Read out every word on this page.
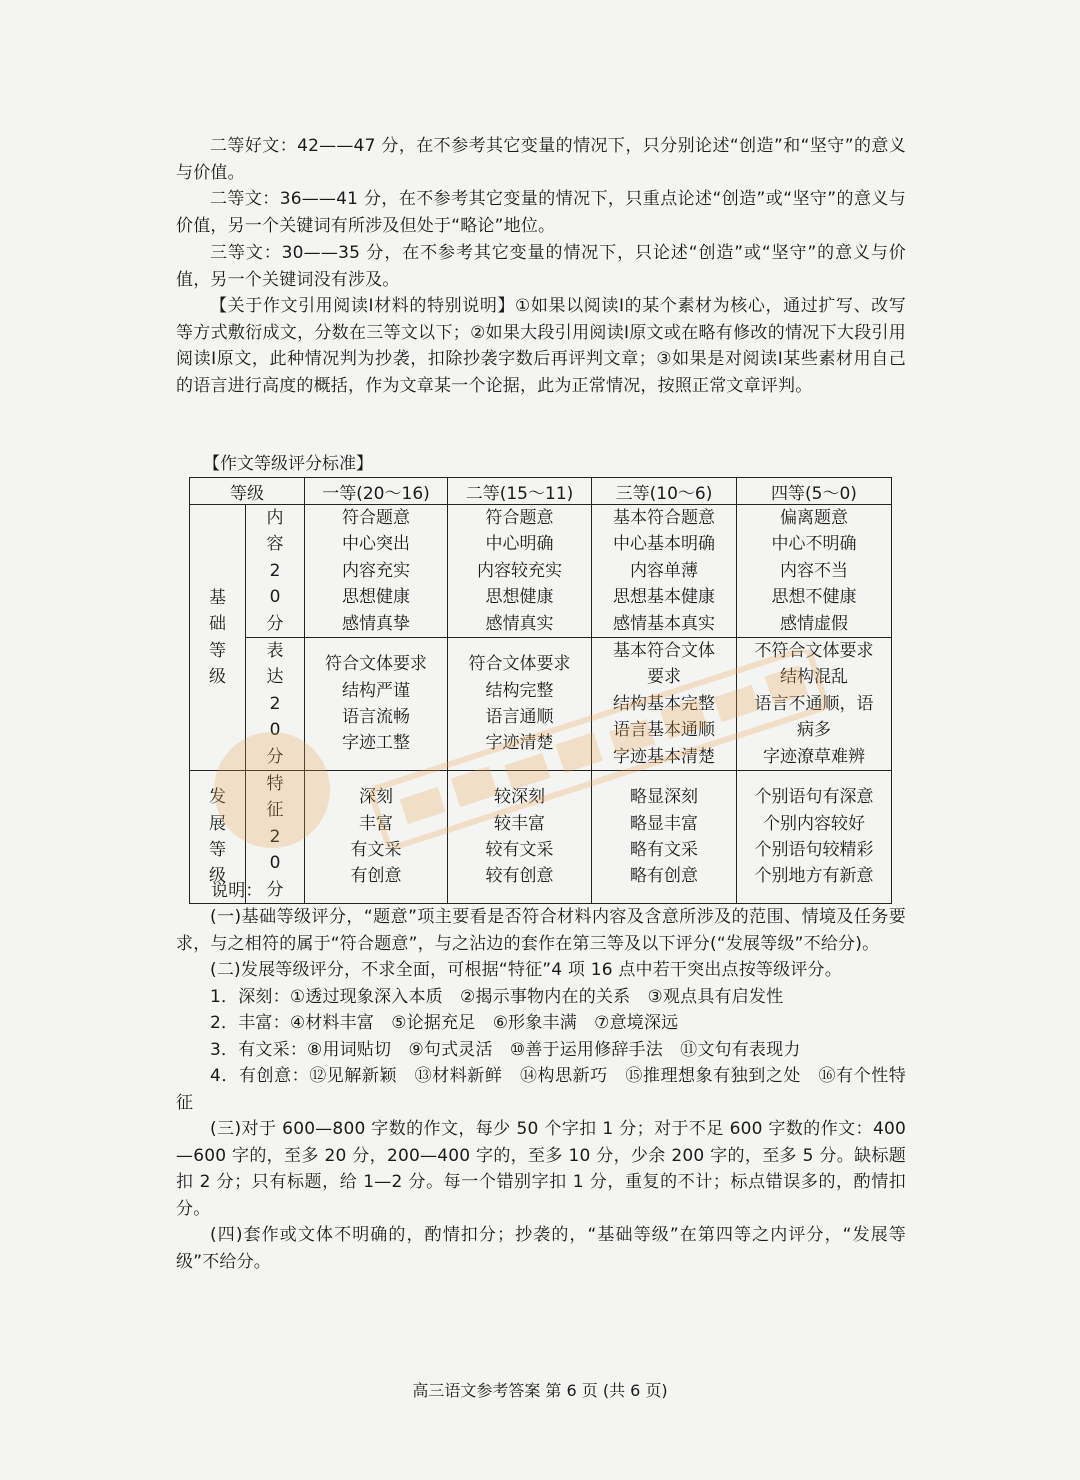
二等好文：42——47 分，在不参考其它变量的情况下，只分别论述“创造”和“坚守”的意义与价值。

二等文：36——41 分，在不参考其它变量的情况下，只重点论述“创造”或“坚守”的意义与价值，另一个关键词有所涉及但处于“略论”地位。

三等文：30——35 分，在不参考其它变量的情况下，只论述“创造”或“坚守”的意义与价值，另一个关键词没有涉及。

【关于作文引用阅读Ⅰ材料的特别说明】①如果以阅读Ⅰ的某个素材为核心，通过扩写、改写等方式敷衍成文，分数在三等文以下；②如果大段引用阅读Ⅰ原文或在略有修改的情况下大段引用阅读Ⅰ原文，此种情况判为抄袭，扣除抄袭字数后再评判文章；③如果是对阅读Ⅰ某些素材用自己的语言进行高度的概括，作为文章某一个论据，此为正常情况，按照正常文章评判。

【作文等级评分标准】
等级		一等(20～16)	二等(15～11)	三等(10～6)	四等(5～0)

基础等级	内容20分	符合题意
中心突出
内容充实
思想健康
感情真挚	符合题意
中心明确
内容较充实
思想健康
感情真实	基本符合题意
中心基本明确
内容单薄
思想基本健康
感情基本真实	偏离题意
中心不明确
内容不当
思想不健康
感情虚假

	表达20分	符合文体要求
结构严谨
语言流畅
字迹工整	符合文体要求
结构完整
语言通顺
字迹清楚	基本符合文体
要求
结构基本完整
语言基本通顺
字迹基本清楚	不符合文体要求
结构混乱
语言不通顺，语
病多
字迹潦草难辨

发展等级	特征20分	深刻
丰富
有文采
有创意	较深刻
较丰富
较有文采
较有创意	略显深刻
略显丰富
略有文采
略有创意	个别语句有深意
个别内容较好
个别语句较精彩
个别地方有新意

说明：

(一)基础等级评分，“题意”项主要看是否符合材料内容及含意所涉及的范围、情境及任务要求，与之相符的属于“符合题意”，与之沾边的套作在第三等及以下评分(“发展等级”不给分)。

(二)发展等级评分，不求全面，可根据“特征”4 项 16 点中若干突出点按等级评分。

1．深刻：①透过现象深入本质　②揭示事物内在的关系　③观点具有启发性

2．丰富：④材料丰富　⑤论据充足　⑥形象丰满　⑦意境深远

3．有文采：⑧用词贴切　⑨句式灵活　⑩善于运用修辞手法　⑪文句有表现力

4．有创意：⑫见解新颖　⑬材料新鲜　⑭构思新巧　⑮推理想象有独到之处　⑯有个性特征

(三)对于 600—800 字数的作文，每少 50 个字扣 1 分；对于不足 600 字数的作文：400—600 字的，至多 20 分，200—400 字的，至多 10 分，少余 200 字的，至多 5 分。缺标题扣 2 分；只有标题，给 1—2 分。每一个错别字扣 1 分，重复的不计；标点错误多的，酌情扣分。

(四)套作或文体不明确的，酌情扣分；抄袭的，“基础等级”在第四等之内评分，“发展等级”不给分。

高三语文参考答案 第 6 页 (共 6 页)
